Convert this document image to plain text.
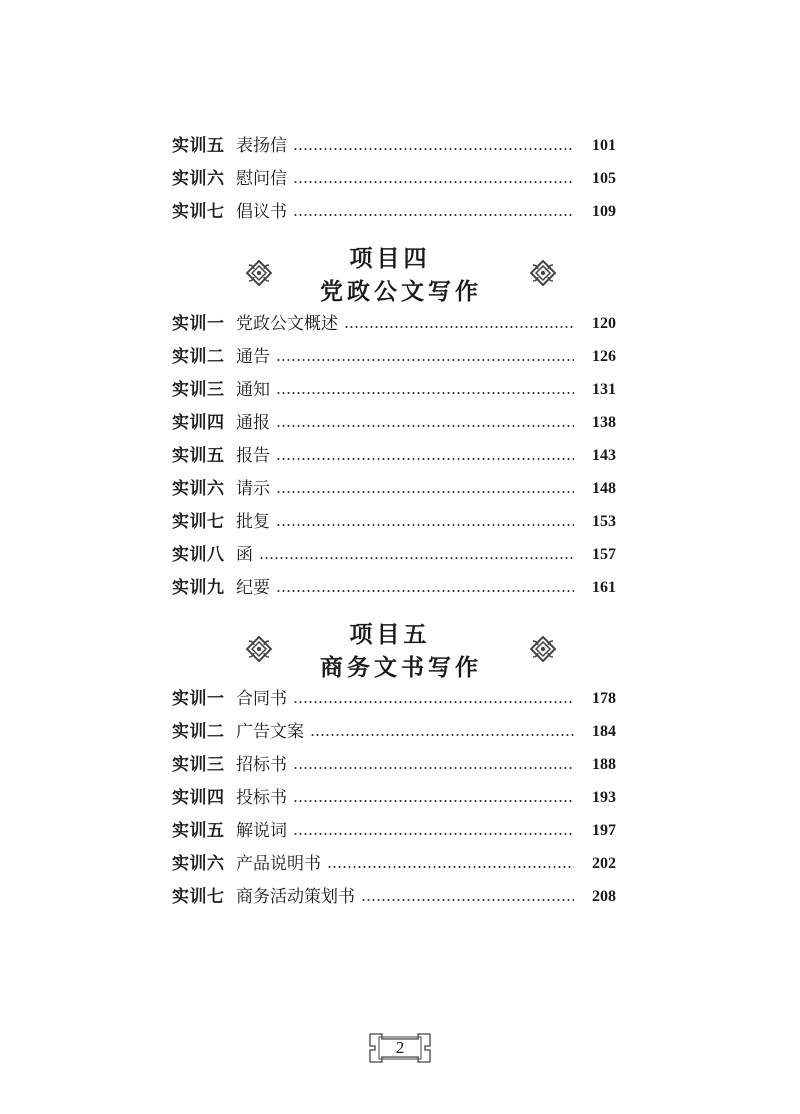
实训五 表扬信	101
实训六 慰问信	105
实训七 倡议书	109
项目四党政公文写作
实训一 党政公文概述	120
实训二 通告	126
实训三 通知	131
实训四 通报	138
实训五 报告	143
实训六 请示	148
实训七 批复	153
实训八 函	157
实训九 纪要	161
项目五商务文书写作
实训一 合同书	178
实训二 广告文案	184
实训三 招标书	188
实训四 投标书	193
实训五 解说词	197
实训六 产品说明书	202
实训七 商务活动策划书	208
2
